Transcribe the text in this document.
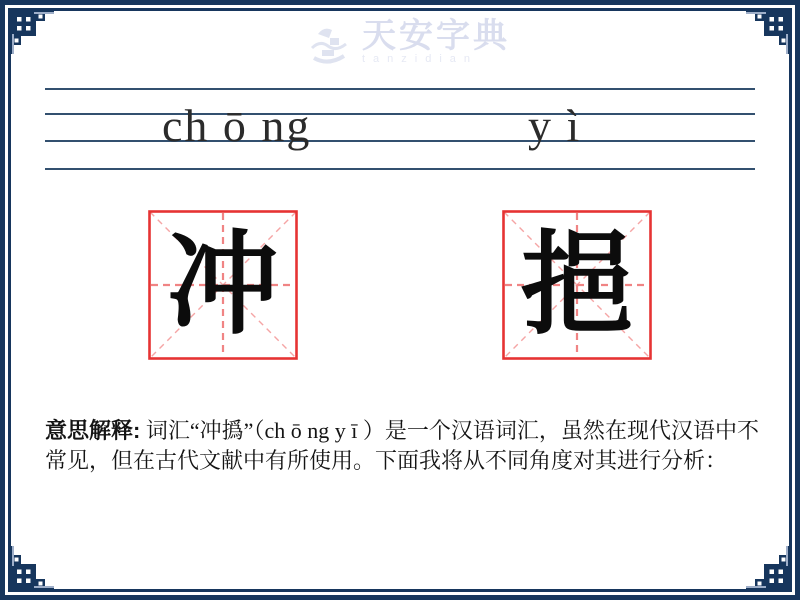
天安字典
tanzidian
ch ō ng	y ì
冲 挹
意思解释: 词汇“冲撝”（ch ō ng y ī ）是一个汉语词汇，虽然在现代汉语中不常见，但在古代文献中有所使用。下面我将从不同角度对其进行分析：
